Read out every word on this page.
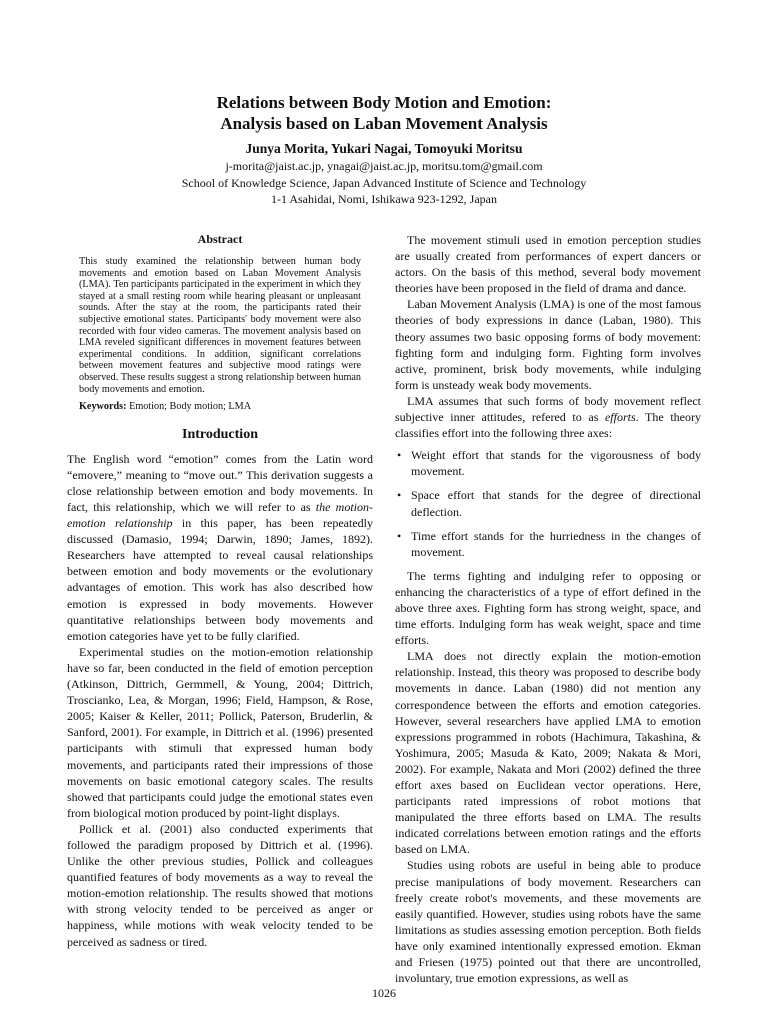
Relations between Body Motion and Emotion:
Analysis based on Laban Movement Analysis
Junya Morita, Yukari Nagai, Tomoyuki Moritsu
j-morita@jaist.ac.jp, ynagai@jaist.ac.jp, moritsu.tom@gmail.com
School of Knowledge Science, Japan Advanced Institute of Science and Technology
1-1 Asahidai, Nomi, Ishikawa 923-1292, Japan
Abstract
This study examined the relationship between human body movements and emotion based on Laban Movement Analysis (LMA). Ten participants participated in the experiment in which they stayed at a small resting room while hearing pleasant or unpleasant sounds. After the stay at the room, the participants rated their subjective emotional states. Participants' body movement were also recorded with four video cameras. The movement analysis based on LMA reveled significant differences in movement features between experimental conditions. In addition, significant correlations between movement features and subjective mood ratings were observed. These results suggest a strong relationship between human body movements and emotion.
Keywords: Emotion; Body motion; LMA
Introduction

The English word “emotion” comes from the Latin word “emovere,” meaning to “move out.” This derivation suggests a close relationship between emotion and body movements. In fact, this relationship, which we will refer to as the motion-emotion relationship in this paper, has been repeatedly discussed (Damasio, 1994; Darwin, 1890; James, 1892). Researchers have attempted to reveal causal relationships between emotion and body movements or the evolutionary advantages of emotion. This work has also described how emotion is expressed in body movements. However quantitative relationships between body movements and emotion categories have yet to be fully clarified.

Experimental studies on the motion-emotion relationship have so far, been conducted in the field of emotion perception (Atkinson, Dittrich, Germmell, & Young, 2004; Dittrich, Troscianko, Lea, & Morgan, 1996; Field, Hampson, & Rose, 2005; Kaiser & Keller, 2011; Pollick, Paterson, Bruderlin, & Sanford, 2001). For example, in Dittrich et al. (1996) presented participants with stimuli that expressed human body movements, and participants rated their impressions of those movements on basic emotional category scales. The results showed that participants could judge the emotional states even from biological motion produced by point-light displays.

Pollick et al. (2001) also conducted experiments that followed the paradigm proposed by Dittrich et al. (1996). Unlike the other previous studies, Pollick and colleagues quantified features of body movements as a way to reveal the motion-emotion relationship. The results showed that motions with strong velocity tended to be perceived as anger or happiness, while motions with weak velocity tended to be perceived as sadness or tired.

The movement stimuli used in emotion perception studies are usually created from performances of expert dancers or actors. On the basis of this method, several body movement theories have been proposed in the field of drama and dance.

Laban Movement Analysis (LMA) is one of the most famous theories of body expressions in dance (Laban, 1980). This theory assumes two basic opposing forms of body movement: fighting form and indulging form. Fighting form involves active, prominent, brisk body movements, while indulging form is unsteady weak body movements.

LMA assumes that such forms of body movement reflect subjective inner attitudes, refered to as efforts. The theory classifies effort into the following three axes:

• Weight effort that stands for the vigorousness of body movement.
• Space effort that stands for the degree of directional deflection.
• Time effort stands for the hurriedness in the changes of movement.

The terms fighting and indulging refer to opposing or enhancing the characteristics of a type of effort defined in the above three axes. Fighting form has strong weight, space, and time efforts. Indulging form has weak weight, space and time efforts.

LMA does not directly explain the motion-emotion relationship. Instead, this theory was proposed to describe body movements in dance. Laban (1980) did not mention any correspondence between the efforts and emotion categories. However, several researchers have applied LMA to emotion expressions programmed in robots (Hachimura, Takashina, & Yoshimura, 2005; Masuda & Kato, 2009; Nakata & Mori, 2002). For example, Nakata and Mori (2002) defined the three effort axes based on Euclidean vector operations. Here, participants rated impressions of robot motions that manipulated the three efforts based on LMA. The results indicated correlations between emotion ratings and the efforts based on LMA.

Studies using robots are useful in being able to produce precise manipulations of body movement. Researchers can freely create robot's movements, and these movements are easily quantified. However, studies using robots have the same limitations as studies assessing emotion perception. Both fields have only examined intentionally expressed emotion. Ekman and Friesen (1975) pointed out that there are uncontrolled, involuntary, true emotion expressions, as well as

1026
